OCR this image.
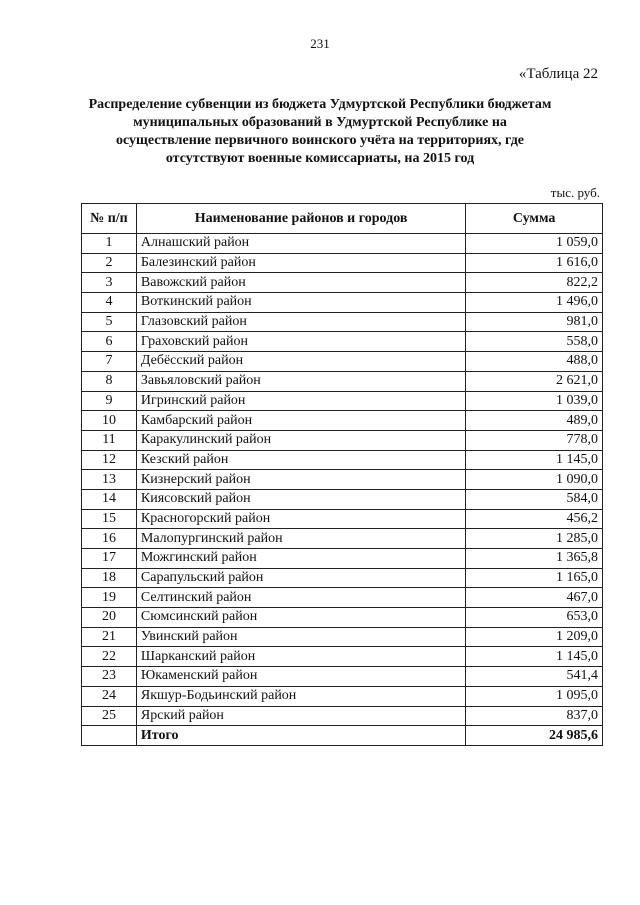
231
«Таблица 22
Распределение субвенции из бюджета Удмуртской Республики бюджетам
муниципальных образований в Удмуртской Республике на
осуществление первичного воинского учёта на территориях, где
отсутствуют военные комиссариаты, на 2015 год
тыс. руб.
№ п/п	Наименование районов и городов	Сумма
1	Алнашский район	1 059,0
2	Балезинский район	1 616,0
3	Вавожский район	822,2
4	Воткинский район	1 496,0
5	Глазовский район	981,0
6	Граховский район	558,0
7	Дебёсский район	488,0
8	Завьяловский район	2 621,0
9	Игринский район	1 039,0
10	Камбарский район	489,0
11	Каракулинский район	778,0
12	Кезский район	1 145,0
13	Кизнерский район	1 090,0
14	Киясовский район	584,0
15	Красногорский район	456,2
16	Малопургинский район	1 285,0
17	Можгинский район	1 365,8
18	Сарапульский район	1 165,0
19	Селтинский район	467,0
20	Сюмсинский район	653,0
21	Увинский район	1 209,0
22	Шарканский район	1 145,0
23	Юкаменский район	541,4
24	Якшур-Бодьинский район	1 095,0
25	Ярский район	837,0
	Итого	24 985,6
